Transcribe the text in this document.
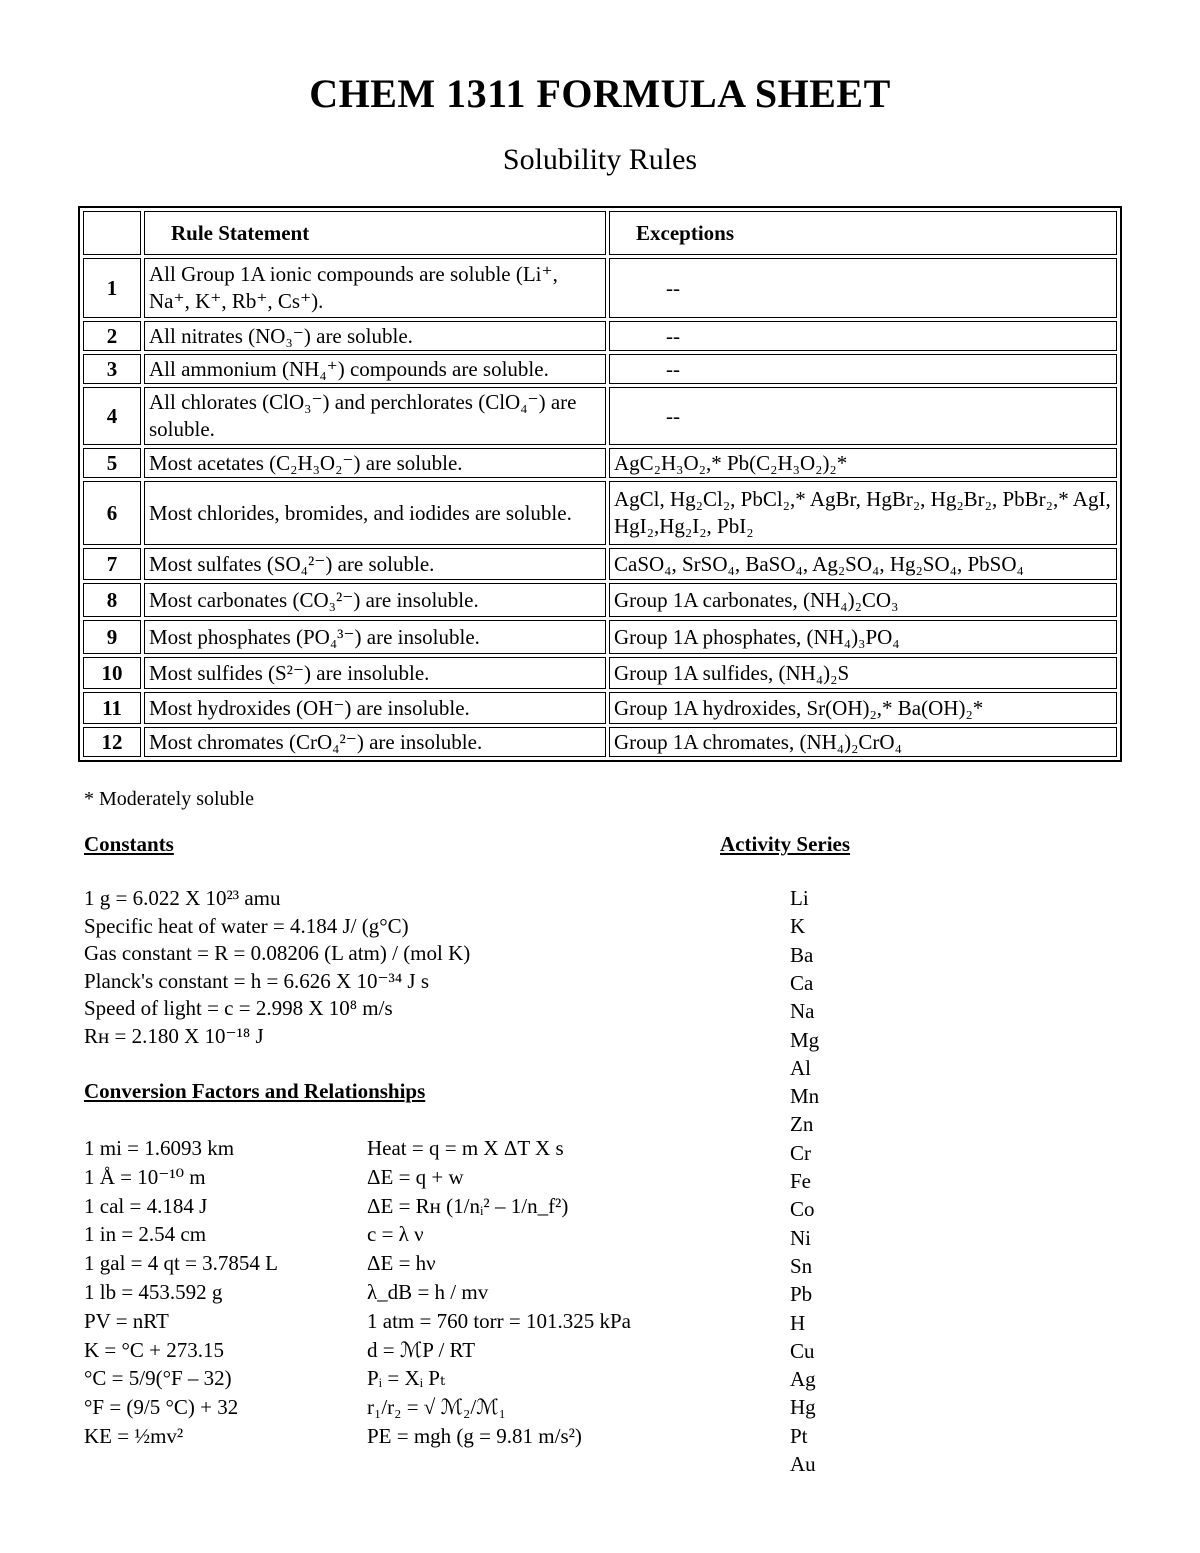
CHEM 1311 FORMULA SHEET
Solubility Rules
	Rule Statement	Exceptions
1	All Group 1A ionic compounds are soluble (Li⁺, Na⁺, K⁺, Rb⁺, Cs⁺).	--
2	All nitrates (NO₃⁻) are soluble.	--
3	All ammonium (NH₄⁺) compounds are soluble.	--
4	All chlorates (ClO₃⁻) and perchlorates (ClO₄⁻) are soluble.	--
5	Most acetates (C₂H₃O₂⁻) are soluble.	AgC₂H₃O₂,* Pb(C₂H₃O₂)₂*
6	Most chlorides, bromides, and iodides are soluble.	AgCl, Hg₂Cl₂, PbCl₂,* AgBr, HgBr₂, Hg₂Br₂, PbBr₂,* AgI, HgI₂,Hg₂I₂, PbI₂
7	Most sulfates (SO₄²⁻) are soluble.	CaSO₄, SrSO₄, BaSO₄, Ag₂SO₄, Hg₂SO₄, PbSO₄
8	Most carbonates (CO₃²⁻) are insoluble.	Group 1A carbonates, (NH₄)₂CO₃
9	Most phosphates (PO₄³⁻) are insoluble.	Group 1A phosphates, (NH₄)₃PO₄
10	Most sulfides (S²⁻) are insoluble.	Group 1A sulfides, (NH₄)₂S
11	Most hydroxides (OH⁻) are insoluble.	Group 1A hydroxides, Sr(OH)₂,* Ba(OH)₂*
12	Most chromates (CrO₄²⁻) are insoluble.	Group 1A chromates, (NH₄)₂CrO₄
* Moderately soluble
Constants	Activity Series
1 g = 6.022 X 10²³ amu
Specific heat of water = 4.184 J/ (g°C)
Gas constant = R = 0.08206 (L atm) / (mol K)
Planck's constant = h = 6.626 X 10⁻³⁴ J s
Speed of light = c = 2.998 X 10⁸ m/s
Rн = 2.180 X 10⁻¹⁸ J
Conversion Factors and Relationships
1 mi = 1.6093 km
1 Å = 10⁻¹⁰ m
1 cal = 4.184 J
1 in = 2.54 cm
1 gal = 4 qt = 3.7854 L
1 lb = 453.592 g
PV = nRT
K = °C + 273.15
°C = 5/9(°F – 32)
°F = (9/5 °C) + 32
KE = ½mv²
Heat = q = m X ΔT X s
ΔE = q + w
ΔE = Rн (1/nᵢ² – 1/n_f²)
c = λ ν
ΔE = hν
λ_dB = h / mv
1 atm = 760 torr = 101.325 kPa
d = ℳP / RT
Pᵢ = Xᵢ Pₜ
r₁/r₂ = √ ℳ₂/ℳ₁
PE = mgh (g = 9.81 m/s²)
Li
K
Ba
Ca
Na
Mg
Al
Mn
Zn
Cr
Fe
Co
Ni
Sn
Pb
H
Cu
Ag
Hg
Pt
Au
